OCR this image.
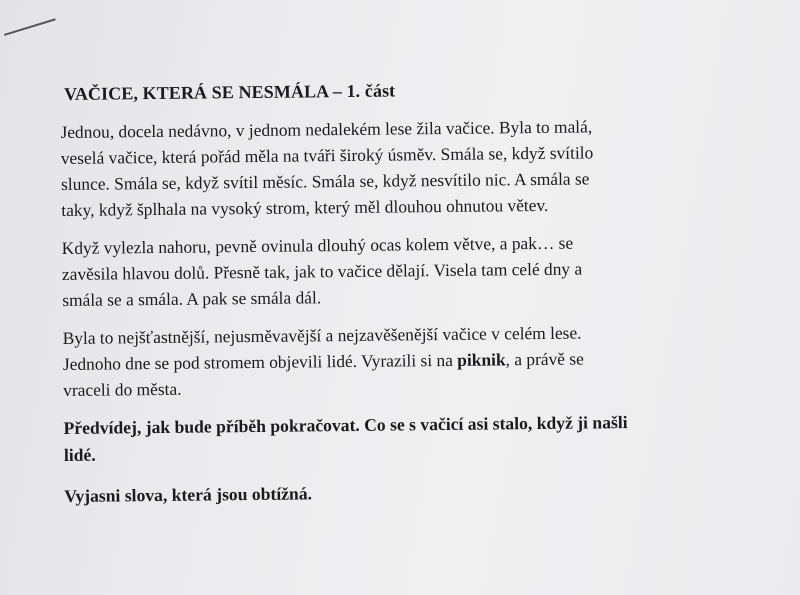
VAČICE, KTERÁ SE NESMÁLA – 1. část

Jednou, docela nedávno, v jednom nedalekém lese žila vačice. Byla to malá,
veselá vačice, která pořád měla na tváři široký úsměv. Smála se, když svítilo
slunce. Smála se, když svítil měsíc. Smála se, když nesvítilo nic. A smála se
taky, když šplhala na vysoký strom, který měl dlouhou ohnutou větev.

Když vylezla nahoru, pevně ovinula dlouhý ocas kolem větve, a pak… se
zavěsila hlavou dolů. Přesně tak, jak to vačice dělají. Visela tam celé dny a
smála se a smála. A pak se smála dál.

Byla to nejšťastnější, nejusměvavější a nejzavěšenější vačice v celém lese.
Jednoho dne se pod stromem objevili lidé. Vyrazili si na piknik, a právě se
vraceli do města.

Předvídej, jak bude příběh pokračovat. Co se s vačicí asi stalo, když ji našli
lidé.
Vyjasni slova, která jsou obtížná.
